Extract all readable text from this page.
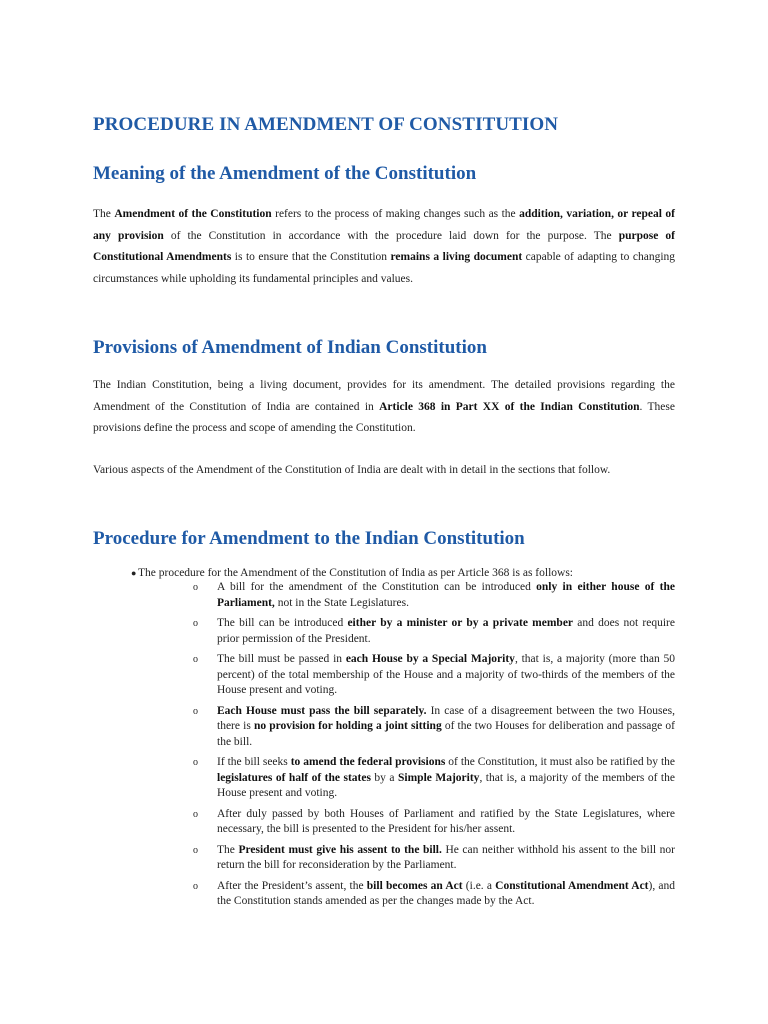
PROCEDURE IN AMENDMENT OF CONSTITUTION
Meaning of the Amendment of the Constitution

The Amendment of the Constitution refers to the process of making changes such as the addition, variation, or repeal of any provision of the Constitution in accordance with the procedure laid down for the purpose. The purpose of Constitutional Amendments is to ensure that the Constitution remains a living document capable of adapting to changing circumstances while upholding its fundamental principles and values.

Provisions of Amendment of Indian Constitution

The Indian Constitution, being a living document, provides for its amendment. The detailed provisions regarding the Amendment of the Constitution of India are contained in Article 368 in Part XX of the Indian Constitution. These provisions define the process and scope of amending the Constitution.

Various aspects of the Amendment of the Constitution of India are dealt with in detail in the sections that follow.

Procedure for Amendment to the Indian Constitution
● The procedure for the Amendment of the Constitution of India as per Article 368 is as follows:
o A bill for the amendment of the Constitution can be introduced only in either house of the Parliament, not in the State Legislatures.
o The bill can be introduced either by a minister or by a private member and does not require prior permission of the President.
o The bill must be passed in each House by a Special Majority, that is, a majority (more than 50 percent) of the total membership of the House and a majority of two-thirds of the members of the House present and voting.
o Each House must pass the bill separately. In case of a disagreement between the two Houses, there is no provision for holding a joint sitting of the two Houses for deliberation and passage of the bill.
o If the bill seeks to amend the federal provisions of the Constitution, it must also be ratified by the legislatures of half of the states by a Simple Majority, that is, a majority of the members of the House present and voting.
o After duly passed by both Houses of Parliament and ratified by the State Legislatures, where necessary, the bill is presented to the President for his/her assent.
o The President must give his assent to the bill. He can neither withhold his assent to the bill nor return the bill for reconsideration by the Parliament.
o After the President’s assent, the bill becomes an Act (i.e. a Constitutional Amendment Act), and the Constitution stands amended as per the changes made by the Act.
